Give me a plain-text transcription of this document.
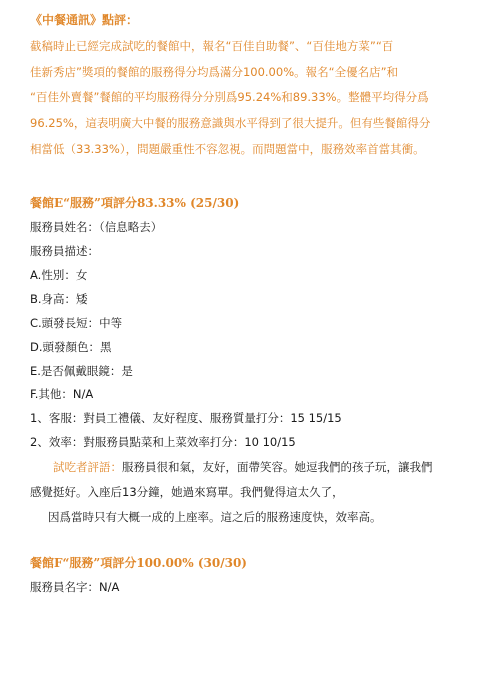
《中餐通訊》點評：
截稿時止已經完成試吃的餐館中，報名“百佳自助餐”、“百佳地方菜”“百
佳新秀店”獎項的餐館的服務得分均爲滿分100.00%。報名“全優名店”和
“百佳外賣餐”餐館的平均服務得分分別爲95.24%和89.33%。整體平均得分爲
96.25%，這表明廣大中餐的服務意識與水平得到了很大提升。但有些餐館得分
相當低（33.33%），問題嚴重性不容忽視。而問題當中，服務效率首當其衝。
餐館E“服務”項評分83.33% (25/30)
服務員姓名：（信息略去）
服務員描述：
A.性別：女
B.身高：矮
C.頭發長短：中等
D.頭發顏色：黑
E.是否佩戴眼鏡：是
F.其他：N/A
1、客服：對員工禮儀、友好程度、服務質量打分：15 15/15
2、效率：對服務員點菜和上菜效率打分：10 10/15
試吃者評語：服務員很和氣，友好，面帶笑容。她逗我們的孩子玩，讓我們
感覺挺好。入座后13分鐘，她過來寫單。我們覺得這太久了，
因爲當時只有大概一成的上座率。這之后的服務速度快，效率高。
餐館F“服務”項評分100.00% (30/30)
服務員名字：N/A
